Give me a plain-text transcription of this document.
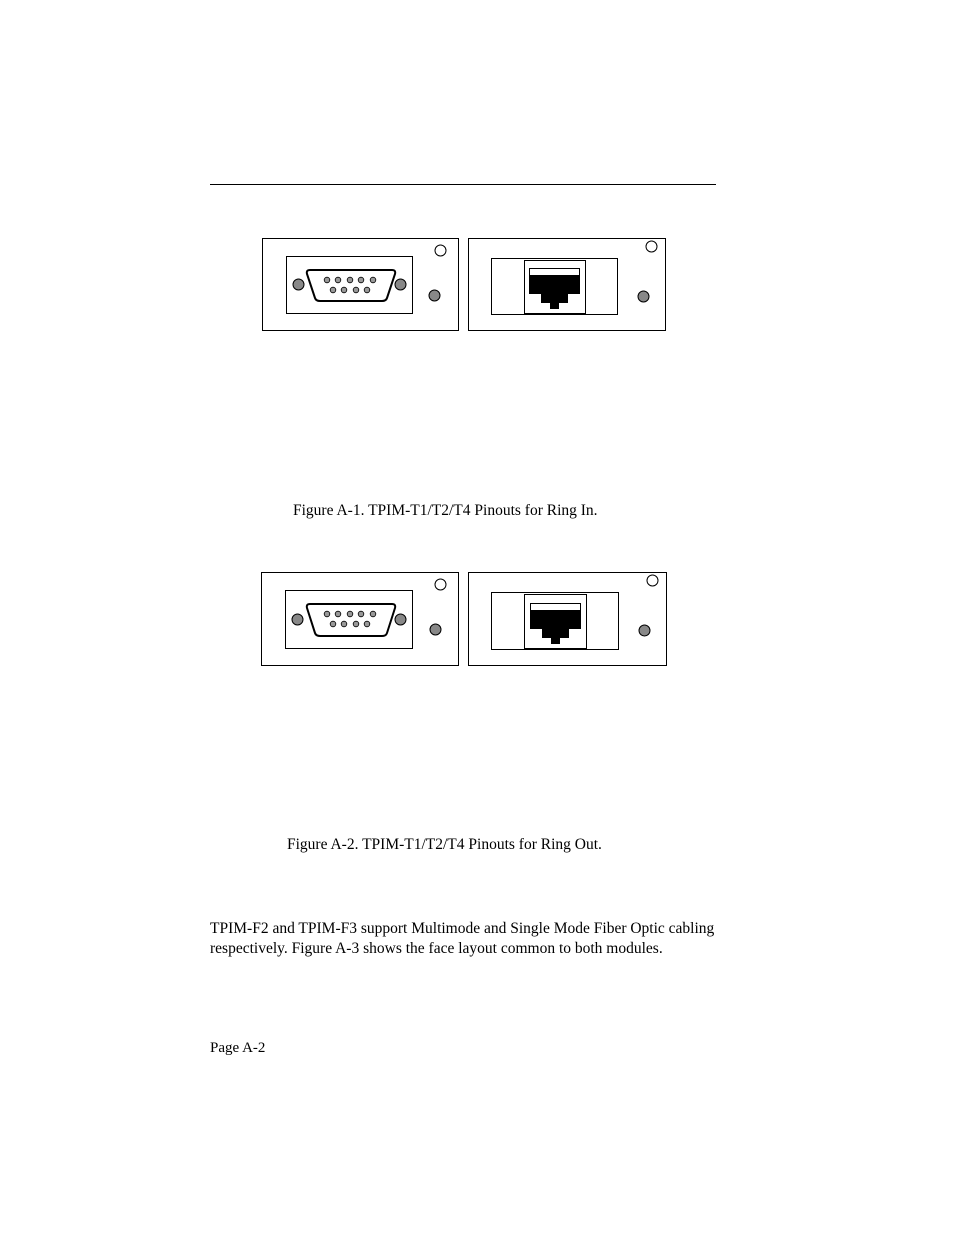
Figure A-1. TPIM-T1/T2/T4 Pinouts for Ring In.
Figure A-2. TPIM-T1/T2/T4 Pinouts for Ring Out.
TPIM-F2 and TPIM-F3 support Multimode and Single Mode Fiber Optic cabling respectively. Figure A-3 shows the face layout common to both modules.
Page A-2
